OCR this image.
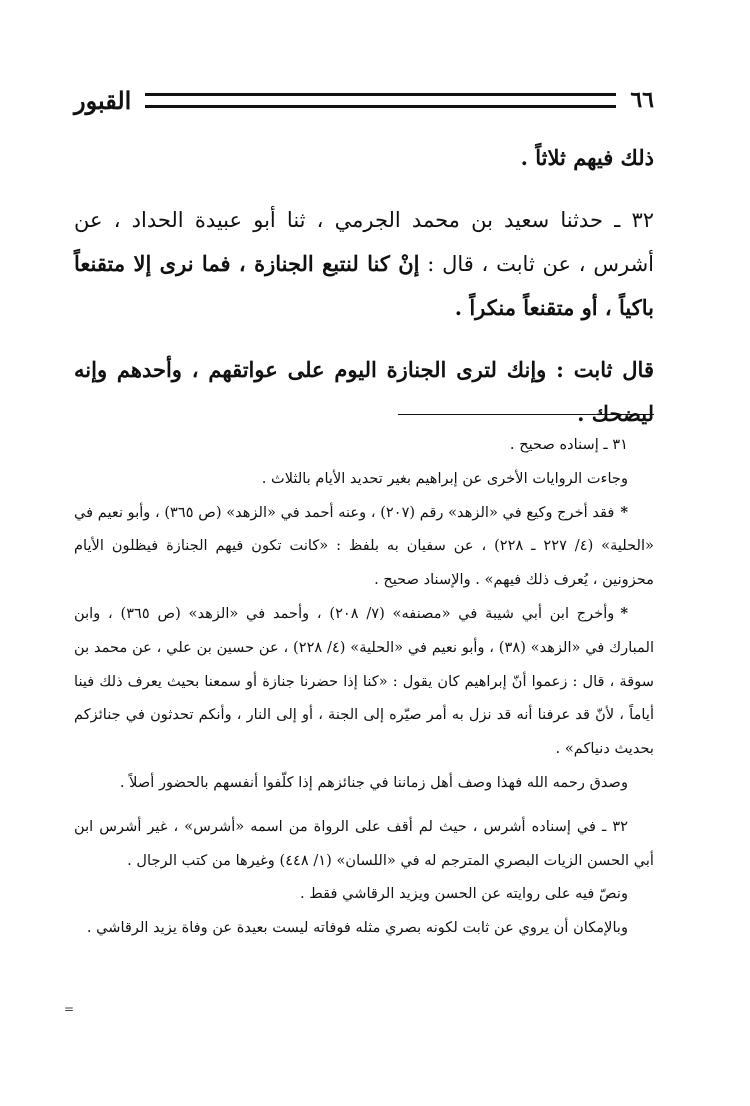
٦٦
القبور

ذلك فيهم ثلاثاً .

٣٢ ـ حدثنا سعيد بن محمد الجرمي ، ثنا أبو عبيدة الحداد ، عن أشرس ، عن ثابت ، قال : إنْ كنا لنتبع الجنازة ، فما نرى إلا متقنعاً باكياً ، أو متقنعاً منكراً .

قال ثابت : وإنك لترى الجنازة اليوم على عواتقهم ، وأحدهم وإنه ليضحك .

٣١ ـ إسناده صحيح .

وجاءت الروايات الأخرى عن إبراهيم بغير تحديد الأيام بالثلاث .

*فقد أخرج وكيع في «الزهد» رقم (٢٠٧) ، وعنه أحمد في «الزهد» (ص ٣٦٥) ، وأبو نعيم في «الحلية» (٤/ ٢٢٧ ـ ٢٢٨) ، عن سفيان به بلفظ : «كانت تكون فيهم الجنازة فيظلون الأيام محزونين ، يُعرف ذلك فيهم» . والإسناد صحيح .

*وأخرج ابن أبي شيبة في «مصنفه» (٧/ ٢٠٨) ، وأحمد في «الزهد» (ص ٣٦٥) ، وابن المبارك في «الزهد» (٣٨) ، وأبو نعيم في «الحلية» (٤/ ٢٢٨) ، عن حسين بن علي ، عن محمد بن سوقة ، قال : زعموا أنّ إبراهيم كان يقول : «كنا إذا حضرنا جنازة أو سمعنا بحيث يعرف ذلك فينا أياماً ، لأنّ قد عرفنا أنه قد نزل به أمر صيّره إلى الجنة ، أو إلى النار ، وأنكم تحدثون في جنائزكم بحديث دنياكم» .

وصدق رحمه الله فهذا وصف أهل زماننا في جنائزهم إذا كلّفوا أنفسهم بالحضور أصلاً .

٣٢ ـ في إسناده أشرس ، حيث لم أقف على الرواة من اسمه «أشرس» ، غير أشرس ابن أبي الحسن الزيات البصري المترجم له في «اللسان» (١/ ٤٤٨) وغيرها من كتب الرجال .

ونصّ فيه على روايته عن الحسن ويزيد الرقاشي فقط .

وبالإمكان أن يروي عن ثابت لكونه بصري مثله فوفاته ليست بعيدة عن وفاة يزيد الرقاشي .

=
